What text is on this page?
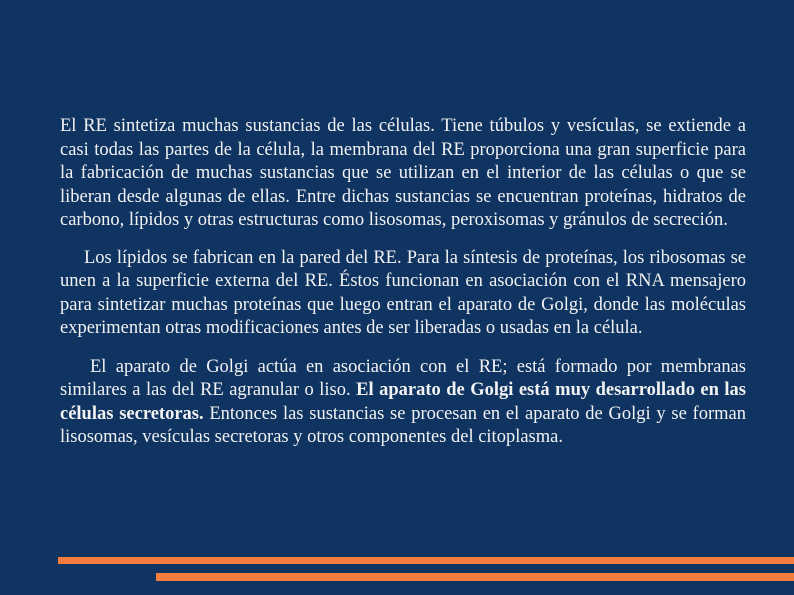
El RE sintetiza muchas sustancias de las células. Tiene túbulos y vesículas, se extiende a casi todas las partes de la célula, la membrana del RE proporciona una gran superficie para la fabricación de muchas sustancias que se utilizan en el interior de las células o que se liberan desde algunas de ellas. Entre dichas sustancias se encuentran proteínas, hidratos de carbono, lípidos y otras estructuras como lisosomas, peroxisomas y gránulos de secreción.

Los lípidos se fabrican en la pared del RE. Para la síntesis de proteínas, los ribosomas se unen a la superficie externa del RE. Éstos funcionan en asociación con el RNA mensajero para sintetizar muchas proteínas que luego entran el aparato de Golgi, donde las moléculas experimentan otras modificaciones antes de ser liberadas o usadas en la célula.

El aparato de Golgi actúa en asociación con el RE; está formado por membranas similares a las del RE agranular o liso. El aparato de Golgi está muy desarrollado en las células secretoras. Entonces las sustancias se procesan en el aparato de Golgi y se forman lisosomas, vesículas secretoras y otros componentes del citoplasma.
